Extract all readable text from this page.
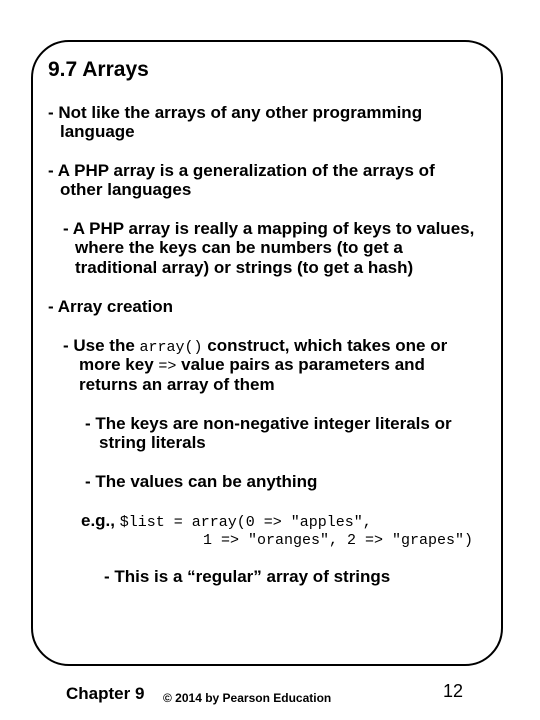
9.7 Arrays
- Not like the arrays of any other programming
language
- A PHP array is a generalization of the arrays of
other languages
- A PHP array is really a mapping of keys to values,
where the keys can be numbers (to get a
traditional array) or strings (to get a hash)
- Array creation
- Use the array() construct, which takes one or
more key => value pairs as parameters and
returns an array of them
- The keys are non-negative integer literals or
string literals
- The values can be anything
e.g., $list = array(0 => "apples",
1 => "oranges", 2 => "grapes")
- This is a “regular” array of strings
Chapter 9 © 2014 by Pearson Education	12
